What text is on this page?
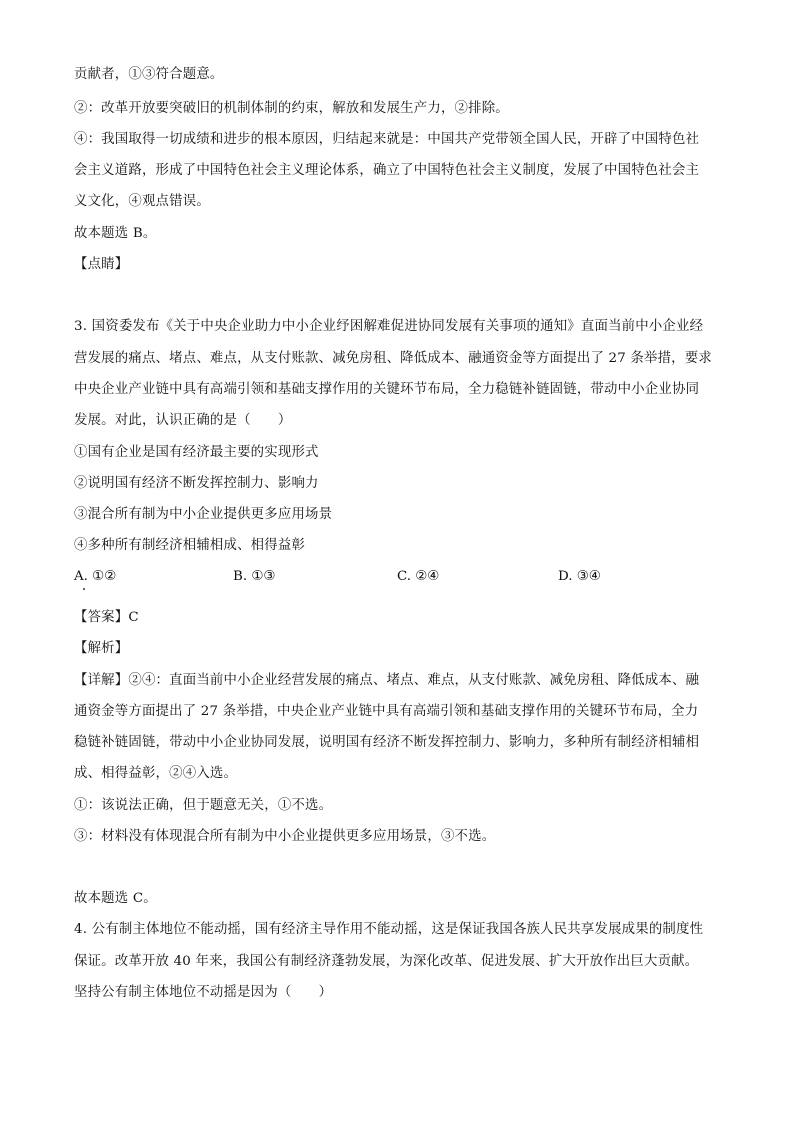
贡献者，①③符合题意。
②：改革开放要突破旧的机制体制的约束，解放和发展生产力，②排除。
④：我国取得一切成绩和进步的根本原因，归结起来就是：中国共产党带领全国人民，开辟了中国特色社
会主义道路，形成了中国特色社会主义理论体系，确立了中国特色社会主义制度，发展了中国特色社会主
义文化，④观点错误。
故本题选 B。
【点睛】
3. 国资委发布《关于中央企业助力中小企业纾困解难促进协同发展有关事项的通知》直面当前中小企业经
营发展的痛点、堵点、难点，从支付账款、减免房租、降低成本、融通资金等方面提出了 27 条举措，要求
中央企业产业链中具有高端引领和基础支撑作用的关键环节布局，全力稳链补链固链，带动中小企业协同
发展。对此，认识正确的是（　　）
①国有企业是国有经济最主要的实现形式
②说明国有经济不断发挥控制力、影响力
③混合所有制为中小企业提供更多应用场景
④多种所有制经济相辅相成、相得益彰
A. ①②	B. ①③	C. ②④	D. ③④
【答案】C
【解析】
【详解】②④：直面当前中小企业经营发展的痛点、堵点、难点，从支付账款、减免房租、降低成本、融
通资金等方面提出了 27 条举措，中央企业产业链中具有高端引领和基础支撑作用的关键环节布局，全力
稳链补链固链，带动中小企业协同发展，说明国有经济不断发挥控制力、影响力，多种所有制经济相辅相
成、相得益彰，②④入选。
①：该说法正确，但于题意无关，①不选。
③：材料没有体现混合所有制为中小企业提供更多应用场景，③不选。
故本题选 C。
4. 公有制主体地位不能动摇，国有经济主导作用不能动摇，这是保证我国各族人民共享发展成果的制度性
保证。改革开放 40 年来，我国公有制经济蓬勃发展，为深化改革、促进发展、扩大开放作出巨大贡献。
坚持公有制主体地位不动摇是因为（　　）
